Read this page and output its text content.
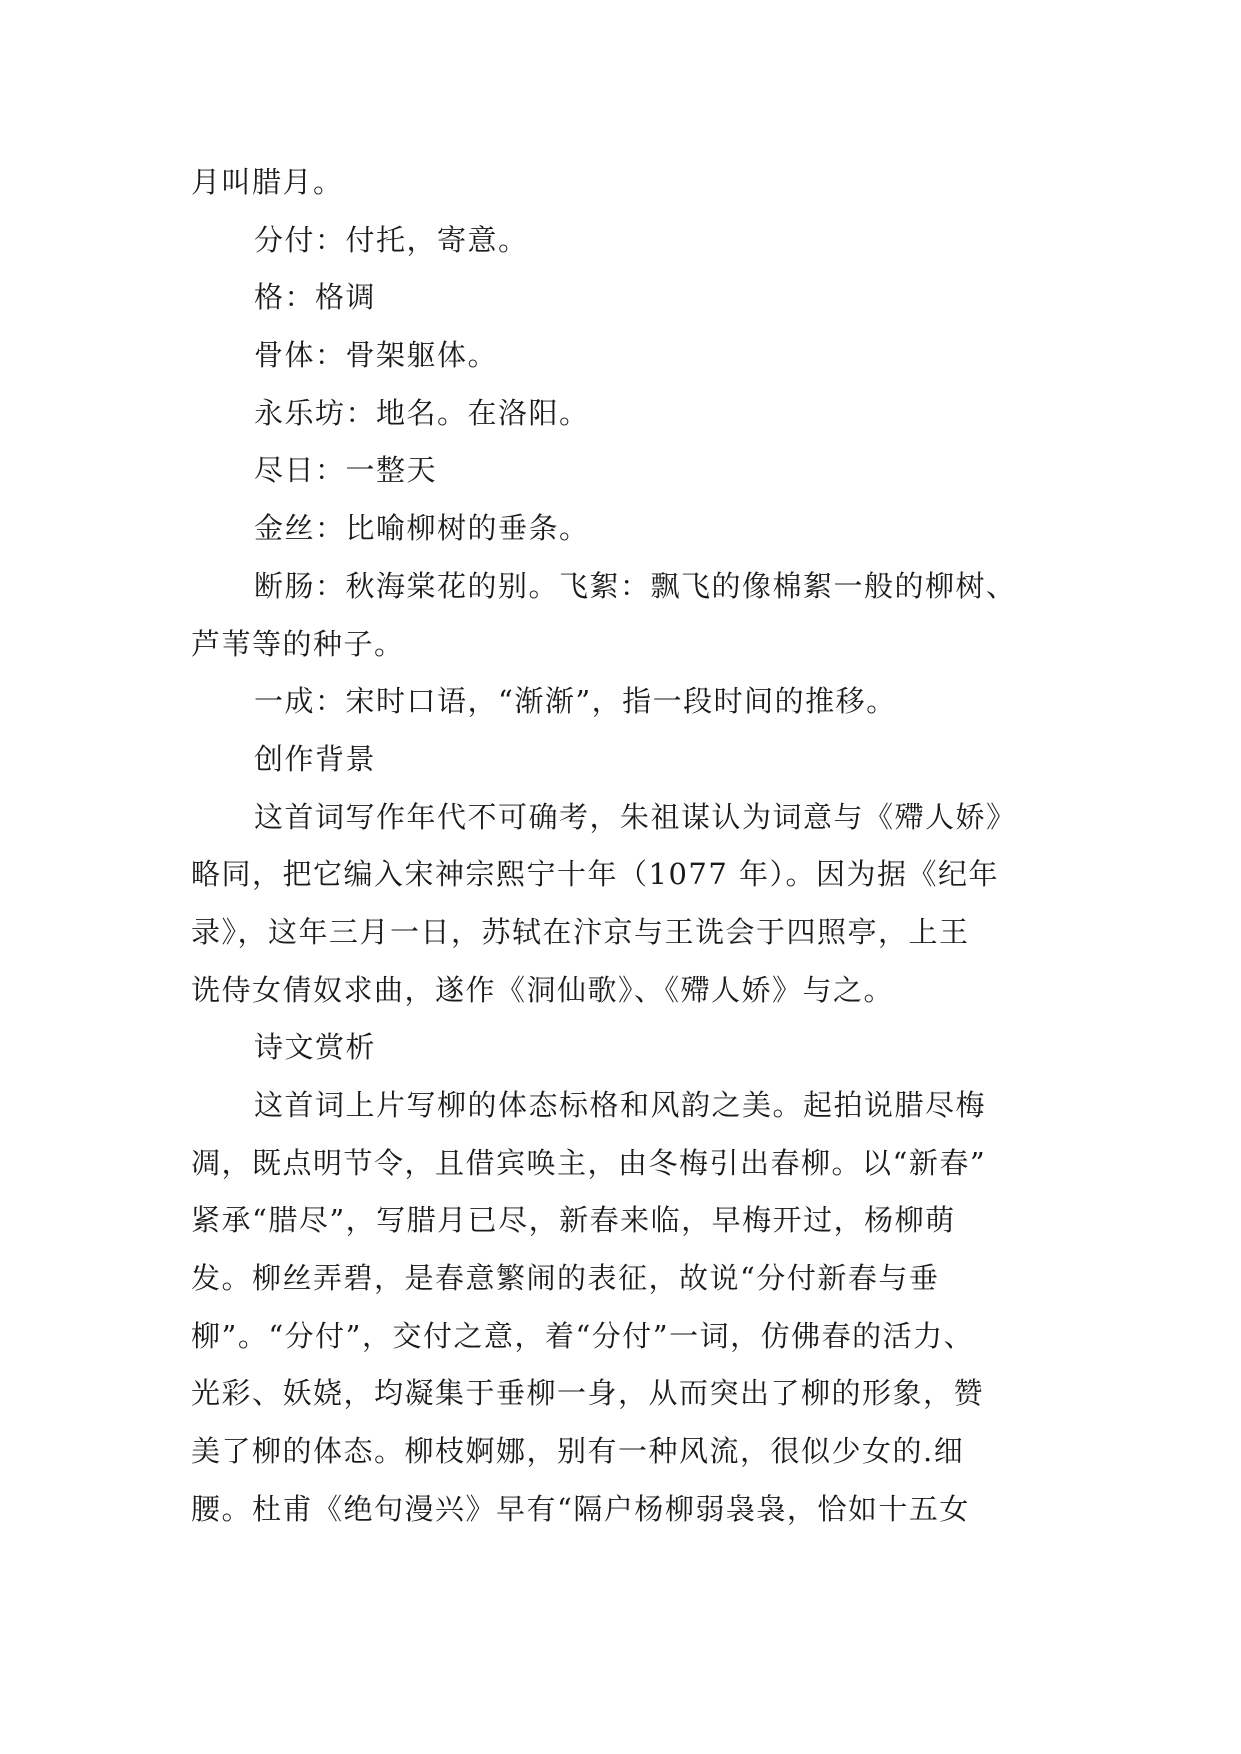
月叫腊月。
分付：付托，寄意。
格：格调
骨体：骨架躯体。
永乐坊：地名。在洛阳。
尽日：一整天
金丝：比喻柳树的垂条。
断肠：秋海棠花的别。飞絮：飘飞的像棉絮一般的柳树、
芦苇等的种子。
一成：宋时口语，“渐渐”，指一段时间的推移。
创作背景
这首词写作年代不可确考，朱祖谋认为词意与《殢人娇》
略同，把它编入宋神宗熙宁十年（1077 年）。因为据《纪年
录》，这年三月一日，苏轼在汴京与王诜会于四照亭，上王
诜侍女倩奴求曲，遂作《洞仙歌》、《殢人娇》与之。
诗文赏析
这首词上片写柳的体态标格和风韵之美。起拍说腊尽梅
凋，既点明节令，且借宾唤主，由冬梅引出春柳。以“新春”
紧承“腊尽”，写腊月已尽，新春来临，早梅开过，杨柳萌
发。柳丝弄碧，是春意繁闹的表征，故说“分付新春与垂
柳”。“分付”，交付之意，着“分付”一词，仿佛春的活力、
光彩、妖娆，均凝集于垂柳一身，从而突出了柳的形象，赞
美了柳的体态。柳枝婀娜，别有一种风流，很似少女的.细
腰。杜甫《绝句漫兴》早有“隔户杨柳弱袅袅，恰如十五女
